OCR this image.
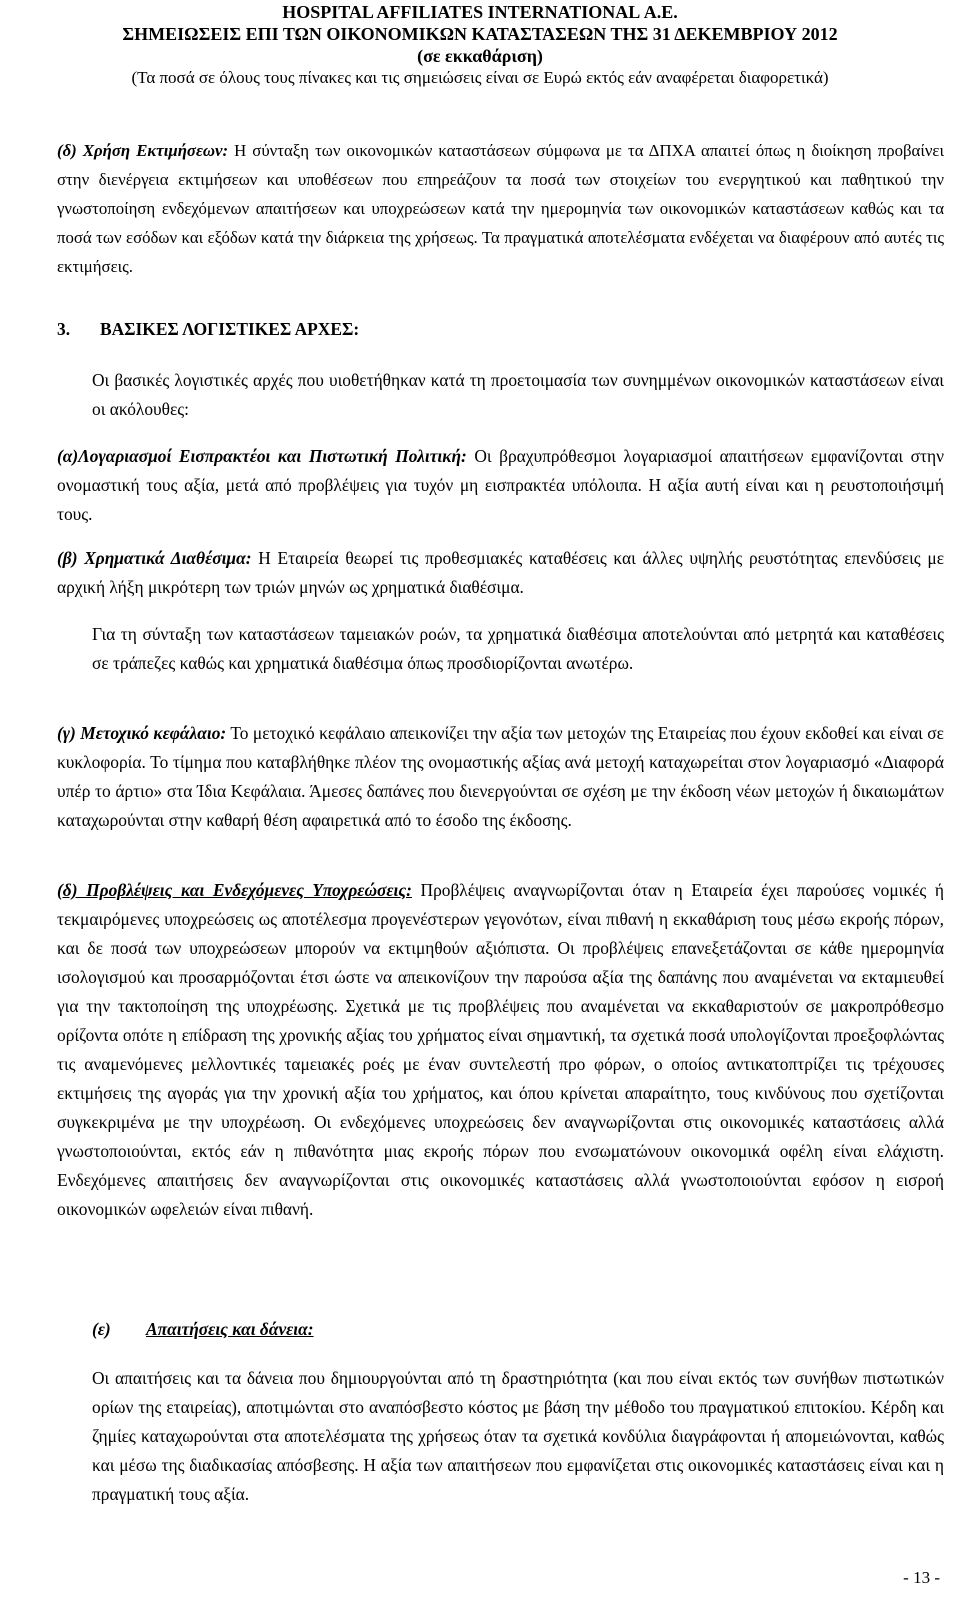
HOSPITAL AFFILIATES INTERNATIONAL Α.Ε.
ΣΗΜΕΙΩΣΕΙΣ ΕΠΙ ΤΩΝ ΟΙΚΟΝΟΜΙΚΩΝ ΚΑΤΑΣΤΑΣΕΩΝ ΤΗΣ 31 ΔΕΚΕΜΒΡΙΟΥ 2012
(σε εκκαθάριση)
(Τα ποσά σε όλους τους πίνακες και τις σημειώσεις είναι σε Ευρώ εκτός εάν αναφέρεται διαφορετικά)
(δ) Χρήση Εκτιμήσεων: Η σύνταξη των οικονομικών καταστάσεων σύμφωνα με τα ΔΠΧΑ απαιτεί όπως η διοίκηση προβαίνει στην διενέργεια εκτιμήσεων και υποθέσεων που επηρεάζουν τα ποσά των στοιχείων του ενεργητικού και παθητικού την γνωστοποίηση ενδεχόμενων απαιτήσεων και υποχρεώσεων κατά την ημερομηνία των οικονομικών καταστάσεων καθώς και τα ποσά των εσόδων και εξόδων κατά την διάρκεια της χρήσεως. Τα πραγματικά αποτελέσματα ενδέχεται να διαφέρουν από αυτές τις εκτιμήσεις.
3. ΒΑΣΙΚΕΣ ΛΟΓΙΣΤΙΚΕΣ ΑΡΧΕΣ:
Οι βασικές λογιστικές αρχές που υιοθετήθηκαν κατά τη προετοιμασία των συνημμένων οικονομικών καταστάσεων είναι οι ακόλουθες:
(α)Λογαριασμοί Εισπρακτέοι και Πιστωτική Πολιτική: Οι βραχυπρόθεσμοι λογαριασμοί απαιτήσεων εμφανίζονται στην ονομαστική τους αξία, μετά από προβλέψεις για τυχόν μη εισπρακτέα υπόλοιπα. Η αξία αυτή είναι και η ρευστοποιήσιμή τους.
(β) Χρηματικά Διαθέσιμα: Η Εταιρεία θεωρεί τις προθεσμιακές καταθέσεις και άλλες υψηλής ρευστότητας επενδύσεις με αρχική λήξη μικρότερη των τριών μηνών ως χρηματικά διαθέσιμα.
Για τη σύνταξη των καταστάσεων ταμειακών ροών, τα χρηματικά διαθέσιμα αποτελούνται από μετρητά και καταθέσεις σε τράπεζες καθώς και χρηματικά διαθέσιμα όπως προσδιορίζονται ανωτέρω.
(γ) Μετοχικό κεφάλαιο: Το μετοχικό κεφάλαιο απεικονίζει την αξία των μετοχών της Εταιρείας που έχουν εκδοθεί και είναι σε κυκλοφορία. Το τίμημα που καταβλήθηκε πλέον της ονομαστικής αξίας ανά μετοχή καταχωρείται στον λογαριασμό «Διαφορά υπέρ το άρτιο» στα Ίδια Κεφάλαια. Άμεσες δαπάνες που διενεργούνται σε σχέση με την έκδοση νέων μετοχών ή δικαιωμάτων καταχωρούνται στην καθαρή θέση αφαιρετικά από το έσοδο της έκδοσης.
(δ) Προβλέψεις και Ενδεχόμενες Υποχρεώσεις: Προβλέψεις αναγνωρίζονται όταν η Εταιρεία έχει παρούσες νομικές ή τεκμαιρόμενες υποχρεώσεις ως αποτέλεσμα προγενέστερων γεγονότων, είναι πιθανή η εκκαθάριση τους μέσω εκροής πόρων, και δε ποσά των υποχρεώσεων μπορούν να εκτιμηθούν αξιόπιστα. Οι προβλέψεις επανεξετάζονται σε κάθε ημερομηνία ισολογισμού και προσαρμόζονται έτσι ώστε να απεικονίζουν την παρούσα αξία της δαπάνης που αναμένεται να εκταμιευθεί για την τακτοποίηση της υποχρέωσης. Σχετικά με τις προβλέψεις που αναμένεται να εκκαθαριστούν σε μακροπρόθεσμο ορίζοντα οπότε η επίδραση της χρονικής αξίας του χρήματος είναι σημαντική, τα σχετικά ποσά υπολογίζονται προεξοφλώντας τις αναμενόμενες μελλοντικές ταμειακές ροές με έναν συντελεστή προ φόρων, ο οποίος αντικατοπτρίζει τις τρέχουσες εκτιμήσεις της αγοράς για την χρονική αξία του χρήματος, και όπου κρίνεται απαραίτητο, τους κινδύνους που σχετίζονται συγκεκριμένα με την υποχρέωση. Οι ενδεχόμενες υποχρεώσεις δεν αναγνωρίζονται στις οικονομικές καταστάσεις αλλά γνωστοποιούνται, εκτός εάν η πιθανότητα μιας εκροής πόρων που ενσωματώνουν οικονομικά οφέλη είναι ελάχιστη. Ενδεχόμενες απαιτήσεις δεν αναγνωρίζονται στις οικονομικές καταστάσεις αλλά γνωστοποιούνται εφόσον η εισροή οικονομικών ωφελειών είναι πιθανή.
(ε) Απαιτήσεις και δάνεια:
Οι απαιτήσεις και τα δάνεια που δημιουργούνται από τη δραστηριότητα (και που είναι εκτός των συνήθων πιστωτικών ορίων της εταιρείας), αποτιμώνται στο αναπόσβεστο κόστος με βάση την μέθοδο του πραγματικού επιτοκίου. Κέρδη και ζημίες καταχωρούνται στα αποτελέσματα της χρήσεως όταν τα σχετικά κονδύλια διαγράφονται ή απομειώνονται, καθώς και μέσω της διαδικασίας απόσβεσης. Η αξία των απαιτήσεων που εμφανίζεται στις οικονομικές καταστάσεις είναι και η πραγματική τους αξία.
- 13 -
